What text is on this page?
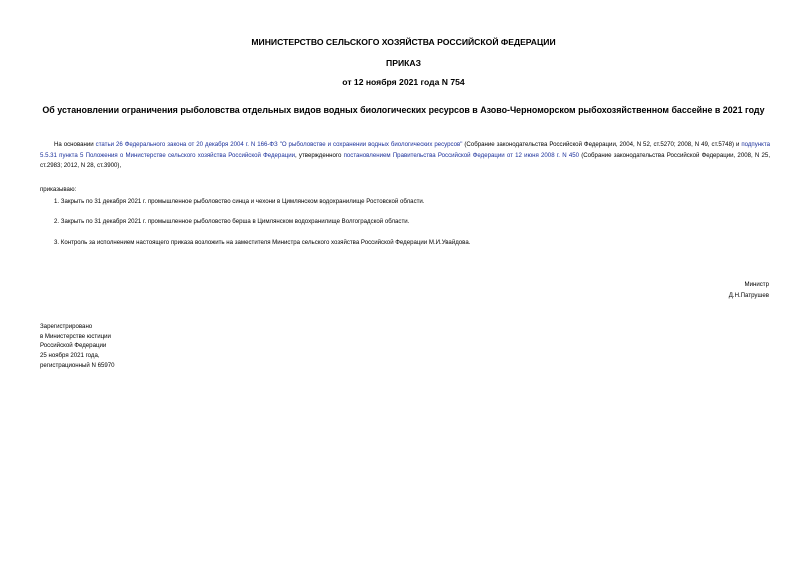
МИНИСТЕРСТВО СЕЛЬСКОГО ХОЗЯЙСТВА РОССИЙСКОЙ ФЕДЕРАЦИИ
ПРИКАЗ
от 12 ноября 2021 года N 754
Об установлении ограничения рыболовства отдельных видов водных биологических ресурсов в Азово-Черноморском рыбохозяйственном бассейне в 2021 году
На основании статьи 26 Федерального закона от 20 декабря 2004 г. N 166-ФЗ "О рыболовстве и сохранении водных биологических ресурсов" (Собрание законодательства Российской Федерации, 2004, N 52, ст.5270; 2008, N 49, ст.5748) и подпункта 5.5.31 пункта 5 Положения о Министерстве сельского хозяйства Российской Федерации, утвержденного постановлением Правительства Российской Федерации от 12 июня 2008 г. N 450 (Собрание законодательства Российской Федерации, 2008, N 25, ст.2983; 2012, N 28, ст.3900),
приказываю:
1. Закрыть по 31 декабря 2021 г. промышленное рыболовство синца и чехони в Цимлянском водохранилище Ростовской области.
2. Закрыть по 31 декабря 2021 г. промышленное рыболовство берша в Цимлянском водохранилище Волгоградской области.
3. Контроль за исполнением настоящего приказа возложить на заместителя Министра сельского хозяйства Российской Федерации М.И.Увайдова.
Министр
Д.Н.Патрушев
Зарегистрировано
в Министерстве юстиции
Российской Федерации
25 ноября 2021 года,
регистрационный N 65970
